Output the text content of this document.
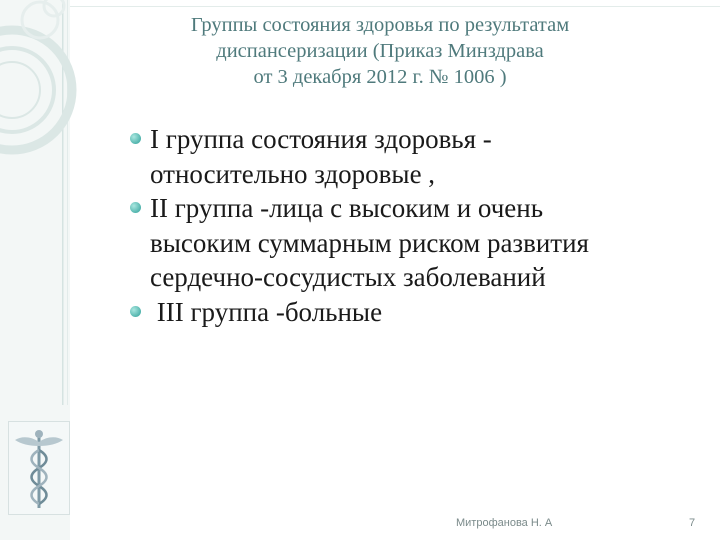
Группы состояния здоровья по результатам
диспансеризации (Приказ Минздрава
от 3 декабря 2012 г. № 1006 )
I группа состояния здоровья -
относительно здоровые ,
II группа -лица с высоким и очень
высоким суммарным риском развития
сердечно-сосудистых заболеваний
III группа -больные
Митрофанова Н. А	7
